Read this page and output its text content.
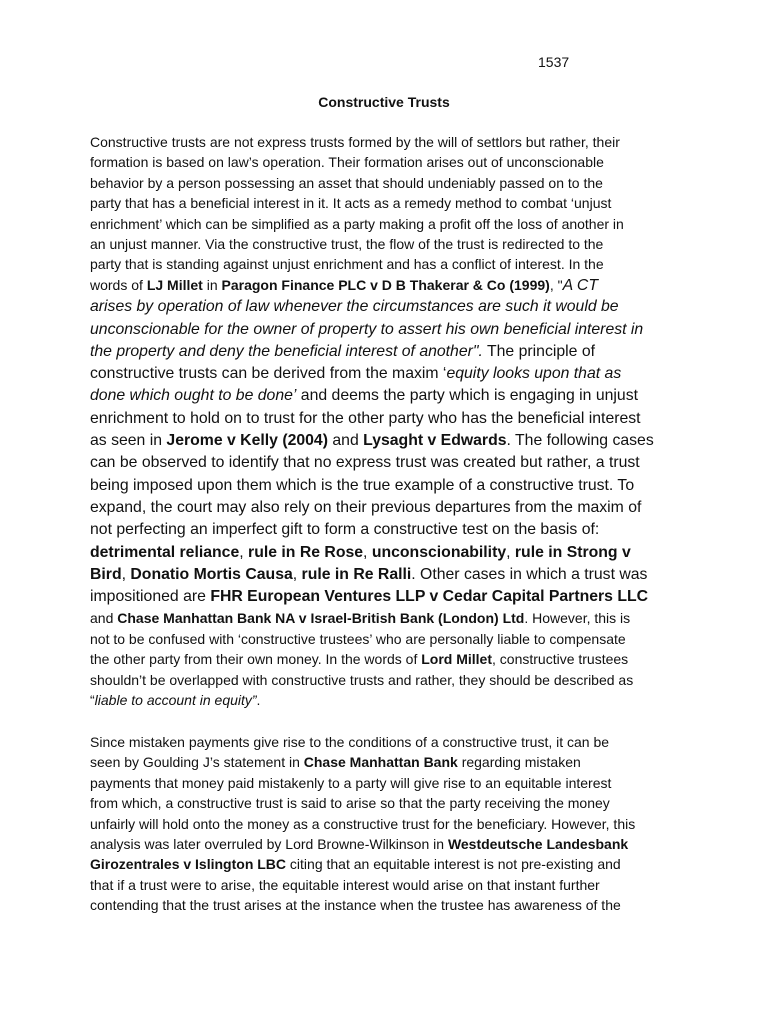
1537
Constructive Trusts
Constructive trusts are not express trusts formed by the will of settlors but rather, their
formation is based on law’s operation. Their formation arises out of unconscionable
behavior by a person possessing an asset that should undeniably passed on to the
party that has a beneficial interest in it. It acts as a remedy method to combat ‘unjust
enrichment’ which can be simplified as a party making a profit off the loss of another in
an unjust manner. Via the constructive trust, the flow of the trust is redirected to the
party that is standing against unjust enrichment and has a conflict of interest. In the
words of LJ Millet in Paragon Finance PLC v D B Thakerar & Co (1999), "A CT
arises by operation of law whenever the circumstances are such it would be
unconscionable for the owner of property to assert his own beneficial interest in
the property and deny the beneficial interest of another". The principle of
constructive trusts can be derived from the maxim ‘equity looks upon that as
done which ought to be done’ and deems the party which is engaging in unjust
enrichment to hold on to trust for the other party who has the beneficial interest
as seen in Jerome v Kelly (2004) and Lysaght v Edwards. The following cases
can be observed to identify that no express trust was created but rather, a trust
being imposed upon them which is the true example of a constructive trust. To
expand, the court may also rely on their previous departures from the maxim of
not perfecting an imperfect gift to form a constructive test on the basis of:
detrimental reliance, rule in Re Rose, unconscionability, rule in Strong v
Bird, Donatio Mortis Causa, rule in Re Ralli. Other cases in which a trust was
impositioned are FHR European Ventures LLP v Cedar Capital Partners LLC
and Chase Manhattan Bank NA v Israel-British Bank (London) Ltd. However, this is
not to be confused with ‘constructive trustees’ who are personally liable to compensate
the other party from their own money. In the words of Lord Millet, constructive trustees
shouldn’t be overlapped with constructive trusts and rather, they should be described as
“liable to account in equity”.
Since mistaken payments give rise to the conditions of a constructive trust, it can be
seen by Goulding J’s statement in Chase Manhattan Bank regarding mistaken
payments that money paid mistakenly to a party will give rise to an equitable interest
from which, a constructive trust is said to arise so that the party receiving the money
unfairly will hold onto the money as a constructive trust for the beneficiary. However, this
analysis was later overruled by Lord Browne-Wilkinson in Westdeutsche Landesbank
Girozentrales v Islington LBC citing that an equitable interest is not pre-existing and
that if a trust were to arise, the equitable interest would arise on that instant further
contending that the trust arises at the instance when the trustee has awareness of the
